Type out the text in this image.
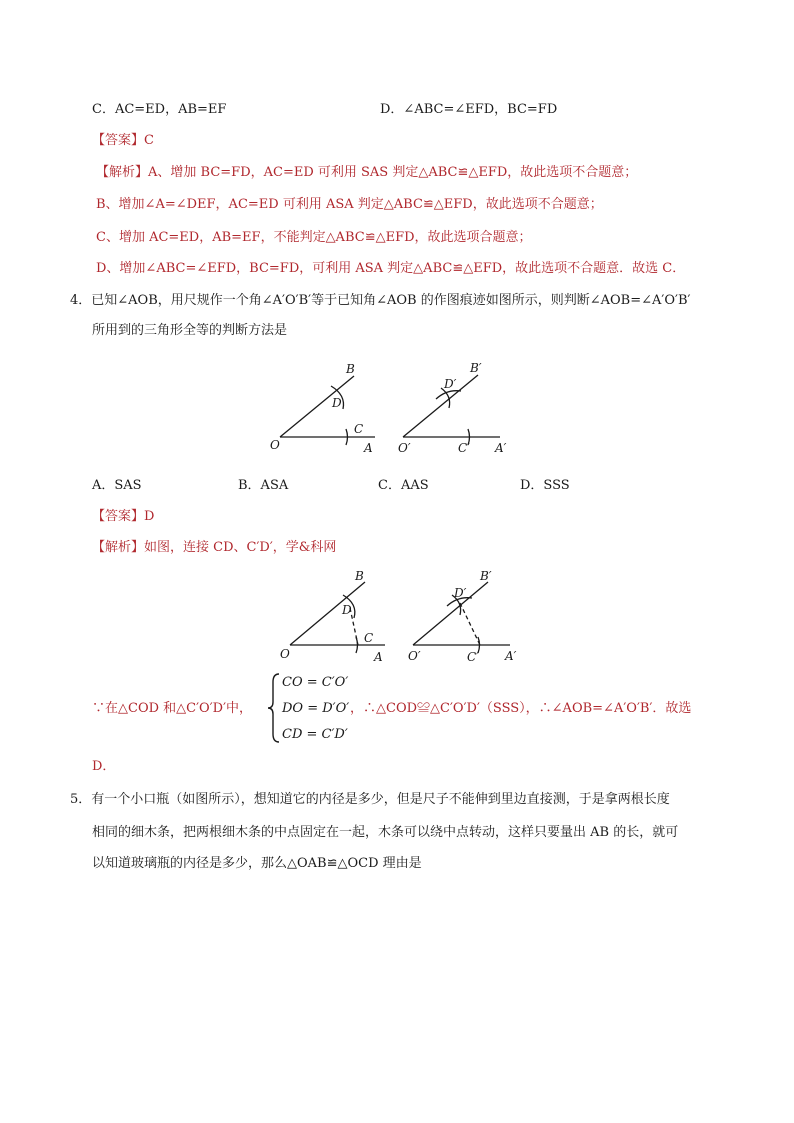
C．AC=ED，AB=EF	D．∠ABC=∠EFD，BC=FD
【答案】C
【解析】A、增加 BC=FD，AC=ED 可利用 SAS 判定△ABC≌△EFD，故此选项不合题意；
B、增加∠A=∠DEF，AC=ED 可利用 ASA 判定△ABC≌△EFD，故此选项不合题意；
C、增加 AC=ED，AB=EF，不能判定△ABC≌△EFD，故此选项合题意；
D、增加∠ABC=∠EFD，BC=FD，可利用 ASA 判定△ABC≌△EFD，故此选项不合题意．故选 C．
4．已知∠AOB，用尺规作一个角∠A′O′B′等于已知角∠AOB 的作图痕迹如图所示，则判断∠AOB=∠A′O′B′
所用到的三角形全等的判断方法是
O	A
B
C
D
O′	A′
B′
C′
D′
A．SAS	B．ASA	C．AAS	D．SSS
【答案】D
【解析】如图，连接 CD、C′D′，学&科网
O	A
B
C
D
O′	A′
B′
C′
D′
∵在△COD 和△C′O′D′中，
CO = C′O′
DO = D′O′
CD = C′D′
，∴△COD≌△C′O′D′（SSS），∴∠AOB=∠A′O′B′．故选
D．
5．有一个小口瓶（如图所示），想知道它的内径是多少，但是尺子不能伸到里边直接测，于是拿两根长度
相同的细木条，把两根细木条的中点固定在一起，木条可以绕中点转动，这样只要量出 AB 的长，就可
以知道玻璃瓶的内径是多少，那么△OAB≌△OCD 理由是
